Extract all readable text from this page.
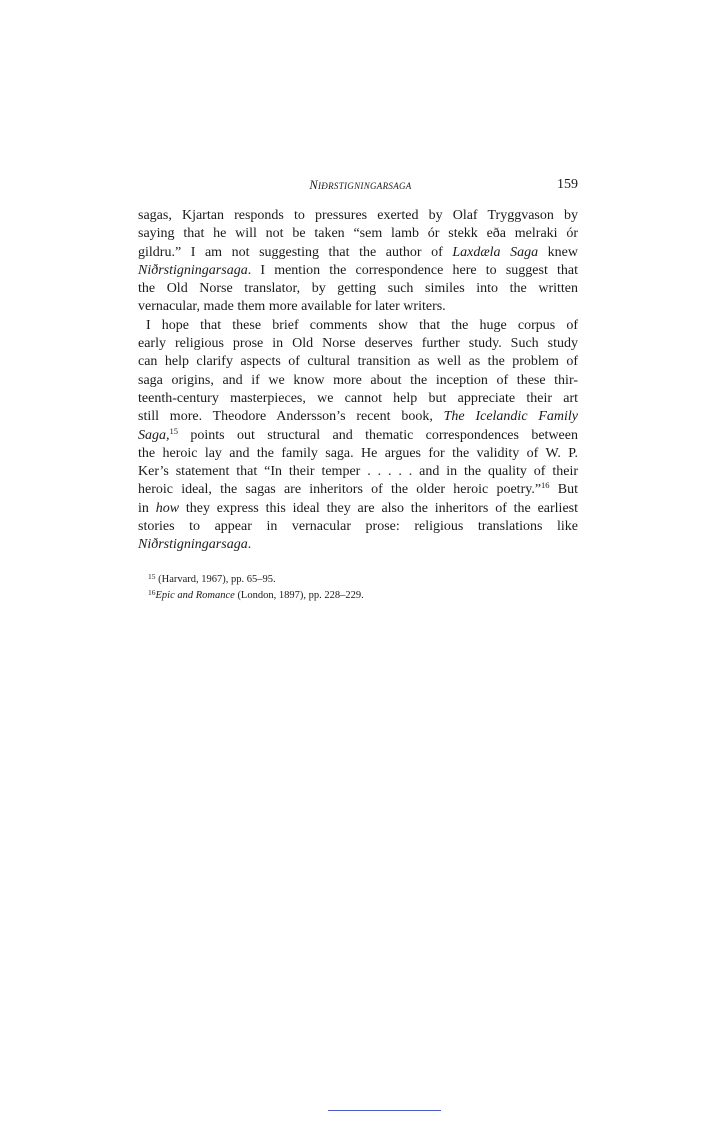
Niðrstigningarsaga	159
sagas, Kjartan responds to pressures exerted by Olaf Tryggvason by
saying that he will not be taken “sem lamb ór stekk eða melraki ór
gildru.” I am not suggesting that the author of Laxdæla Saga knew
Niðrstigningarsaga. I mention the correspondence here to suggest that
the Old Norse translator, by getting such similes into the written
vernacular, made them more available for later writers.
I hope that these brief comments show that the huge corpus of
early religious prose in Old Norse deserves further study. Such study
can help clarify aspects of cultural transition as well as the problem of
saga origins, and if we know more about the inception of these thir-
teenth-century masterpieces, we cannot help but appreciate their art
still more. Theodore Andersson’s recent book, The Icelandic Family
Saga,$^{15}$ points out structural and thematic correspondences between
the heroic lay and the family saga. He argues for the validity of W. P.
Ker’s statement that “In their temper . . . . . and in the quality of their
heroic ideal, the sagas are inheritors of the older heroic poetry.”$^{16}$ But
in how they express this ideal they are also the inheritors of the earliest
stories to appear in vernacular prose: religious translations like
Niðrstigningarsaga.
$^{15}$ (Harvard, 1967), pp. 65–95.
$^{16}$Epic and Romance (London, 1897), pp. 228–229.
